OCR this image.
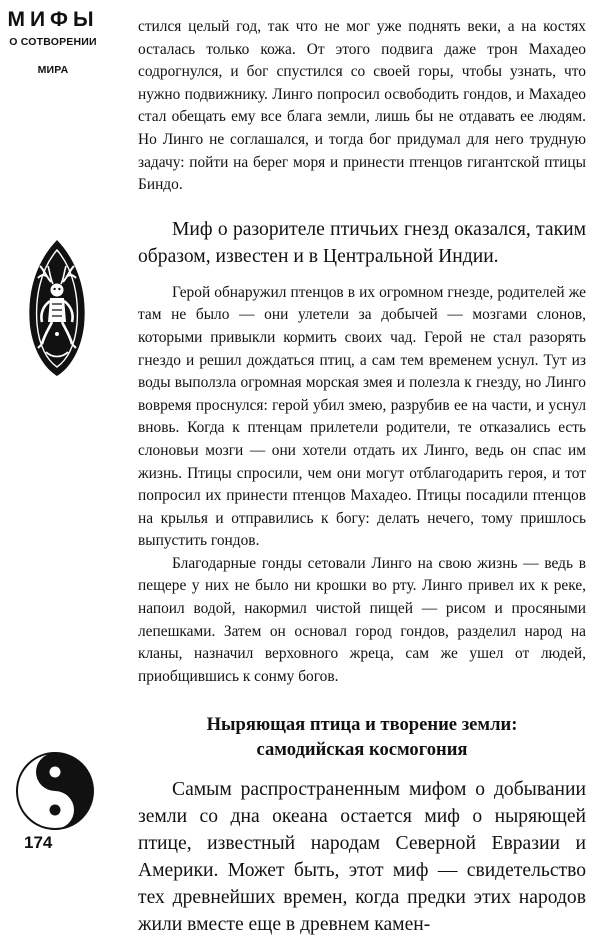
МИФЫ
О СОТВОРЕНИИ
МИРА
174

стился целый год, так что не мог уже поднять веки, а на костях осталась только кожа. От этого подвига даже трон Махадео содрогнулся, и бог спустился со своей горы, чтобы узнать, что нужно подвижнику. Линго попросил освободить гондов, и Махадео стал обещать ему все блага земли, лишь бы не отдавать ее людям. Но Линго не соглашался, и тогда бог придумал для него трудную задачу: пойти на берег моря и принести птенцов гигантской птицы Биндо.

Миф о разорителе птичьих гнезд оказался, таким образом, известен и в Центральной Индии.

Герой обнаружил птенцов в их огромном гнезде, родителей же там не было — они улетели за добычей — мозгами слонов, которыми привыкли кормить своих чад. Герой не стал разорять гнездо и решил дождаться птиц, а сам тем временем уснул. Тут из воды выползла огромная морская змея и полезла к гнезду, но Линго вовремя проснулся: герой убил змею, разрубив ее на части, и уснул вновь. Когда к птенцам прилетели родители, те отказались есть слоновьи мозги — они хотели отдать их Линго, ведь он спас им жизнь. Птицы спросили, чем они могут отблагодарить героя, и тот попросил их принести птенцов Махадео. Птицы посадили птенцов на крылья и отправились к богу: делать нечего, тому пришлось выпустить гондов.

Благодарные гонды сетовали Линго на свою жизнь — ведь в пещере у них не было ни крошки во рту. Линго привел их к реке, напоил водой, накормил чистой пищей — рисом и просяными лепешками. Затем он основал город гондов, разделил народ на кланы, назначил верховного жреца, сам же ушел от людей, приобщившись к сонму богов.

Ныряющая птица и творение земли:
самодийская космогония

Самым распространенным мифом о добывании земли со дна океана остается миф о ныряющей птице, известный народам Северной Евразии и Америки. Может быть, этот миф — свидетельство тех древнейших времен, когда предки этих народов жили вместе еще в древнем камен-
